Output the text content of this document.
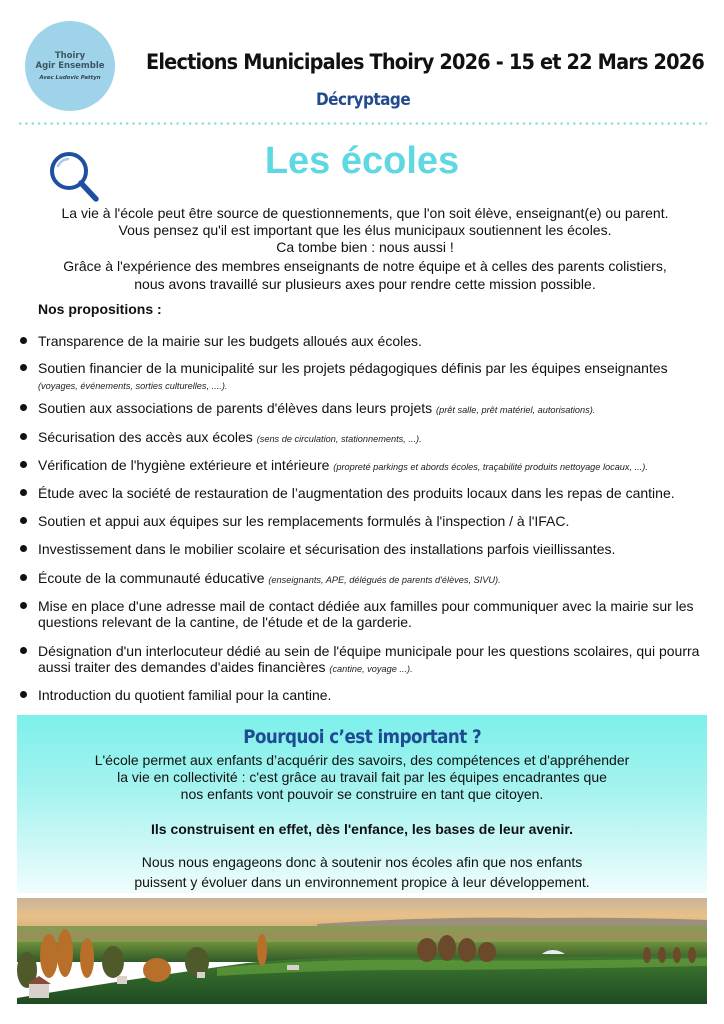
Thoiry
Agir Ensemble
Avec Ludovic Pattyn
Elections Municipales Thoiry 2026 - 15 et 22 Mars 2026
Décryptage
Les écoles

La vie à l'école peut être source de questionnements, que l'on soit élève, enseignant(e) ou parent.

Vous pensez qu'il est important que les élus municipaux soutiennent les écoles.

Ca tombe bien : nous aussi !

Grâce à l'expérience des membres enseignants de notre équipe et à celles des parents colistiers,

nous avons travaillé sur plusieurs axes pour rendre cette mission possible.

Nos propositions :
Transparence de la mairie sur les budgets alloués aux écoles.
Soutien financier de la municipalité sur les projets pédagogiques définis par les équipes enseignantes
(voyages, événements, sorties culturelles, ....).
Soutien aux associations de parents d'élèves dans leurs projets (prêt salle, prêt matériel, autorisations).
Sécurisation des accès aux écoles (sens de circulation, stationnements, ...).
Vérification de l'hygiène extérieure et intérieure (propreté parkings et abords écoles, traçabilité produits nettoyage locaux, ...).
Étude avec la société de restauration de l’augmentation des produits locaux dans les repas de cantine.
Soutien et appui aux équipes sur les remplacements formulés à l'inspection / à l'IFAC.
Investissement dans le mobilier scolaire et sécurisation des installations parfois vieillissantes.
Écoute de la communauté éducative (enseignants, APE, délégués de parents d'élèves, SIVU).
Mise en place d'une adresse mail de contact dédiée aux familles pour communiquer avec la mairie sur les questions relevant de la cantine, de l'étude et de la garderie.
Désignation d'un interlocuteur dédié au sein de l'équipe municipale pour les questions scolaires, qui pourra aussi traiter des demandes d'aides financières (cantine, voyage ...).
Introduction du quotient familial pour la cantine.
Pourquoi c’est important ?
L'école permet aux enfants d’acquérir des savoirs, des compétences et d'appréhender
la vie en collectivité : c'est grâce au travail fait par les équipes encadrantes que
nos enfants vont pouvoir se construire en tant que citoyen.
Ils construisent en effet, dès l'enfance, les bases de leur avenir.
Nous nous engageons donc à soutenir nos écoles afin que nos enfants
puissent y évoluer dans un environnement propice à leur développement.
